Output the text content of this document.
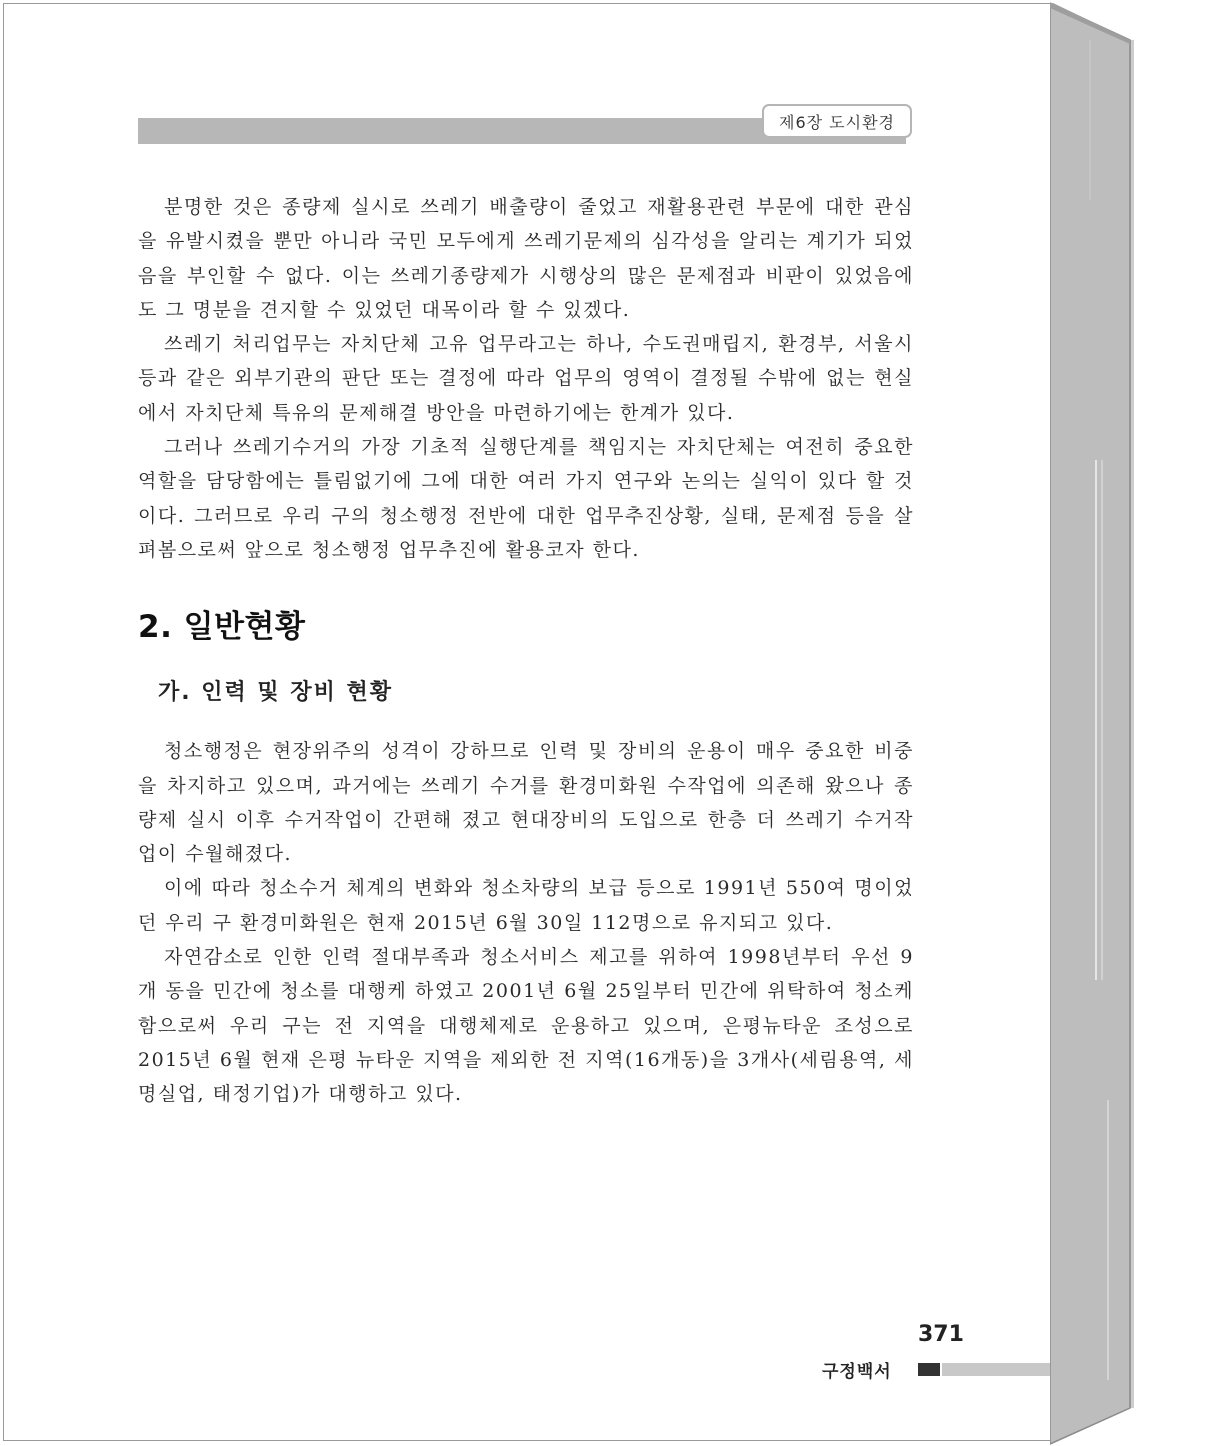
제6장 도시환경

분명한 것은 종량제 실시로 쓰레기 배출량이 줄었고 재활용관련 부문에 대한 관심을 유발시켰을 뿐만 아니라 국민 모두에게 쓰레기문제의 심각성을 알리는 계기가 되었음을 부인할 수 없다. 이는 쓰레기종량제가 시행상의 많은 문제점과 비판이 있었음에도 그 명분을 견지할 수 있었던 대목이라 할 수 있겠다.

쓰레기 처리업무는 자치단체 고유 업무라고는 하나, 수도권매립지, 환경부, 서울시 등과 같은 외부기관의 판단 또는 결정에 따라 업무의 영역이 결정될 수밖에 없는 현실에서 자치단체 특유의 문제해결 방안을 마련하기에는 한계가 있다.

그러나 쓰레기수거의 가장 기초적 실행단계를 책임지는 자치단체는 여전히 중요한 역할을 담당함에는 틀림없기에 그에 대한 여러 가지 연구와 논의는 실익이 있다 할 것이다. 그러므로 우리 구의 청소행정 전반에 대한 업무추진상황, 실태, 문제점 등을 살펴봄으로써 앞으로 청소행정 업무추진에 활용코자 한다.

2. 일반현황
가. 인력 및 장비 현황

청소행정은 현장위주의 성격이 강하므로 인력 및 장비의 운용이 매우 중요한 비중을 차지하고 있으며, 과거에는 쓰레기 수거를 환경미화원 수작업에 의존해 왔으나 종량제 실시 이후 수거작업이 간편해 졌고 현대장비의 도입으로 한층 더 쓰레기 수거작업이 수월해졌다.

이에 따라 청소수거 체계의 변화와 청소차량의 보급 등으로 1991년 550여 명이었던 우리 구 환경미화원은 현재 2015년 6월 30일 112명으로 유지되고 있다.

자연감소로 인한 인력 절대부족과 청소서비스 제고를 위하여 1998년부터 우선 9개 동을 민간에 청소를 대행케 하였고 2001년 6월 25일부터 민간에 위탁하여 청소케 함으로써 우리 구는 전 지역을 대행체제로 운용하고 있으며, 은평뉴타운 조성으로 2015년 6월 현재 은평 뉴타운 지역을 제외한 전 지역(16개동)을 3개사(세림용역, 세명실업, 태정기업)가 대행하고 있다.

371
구정백서
